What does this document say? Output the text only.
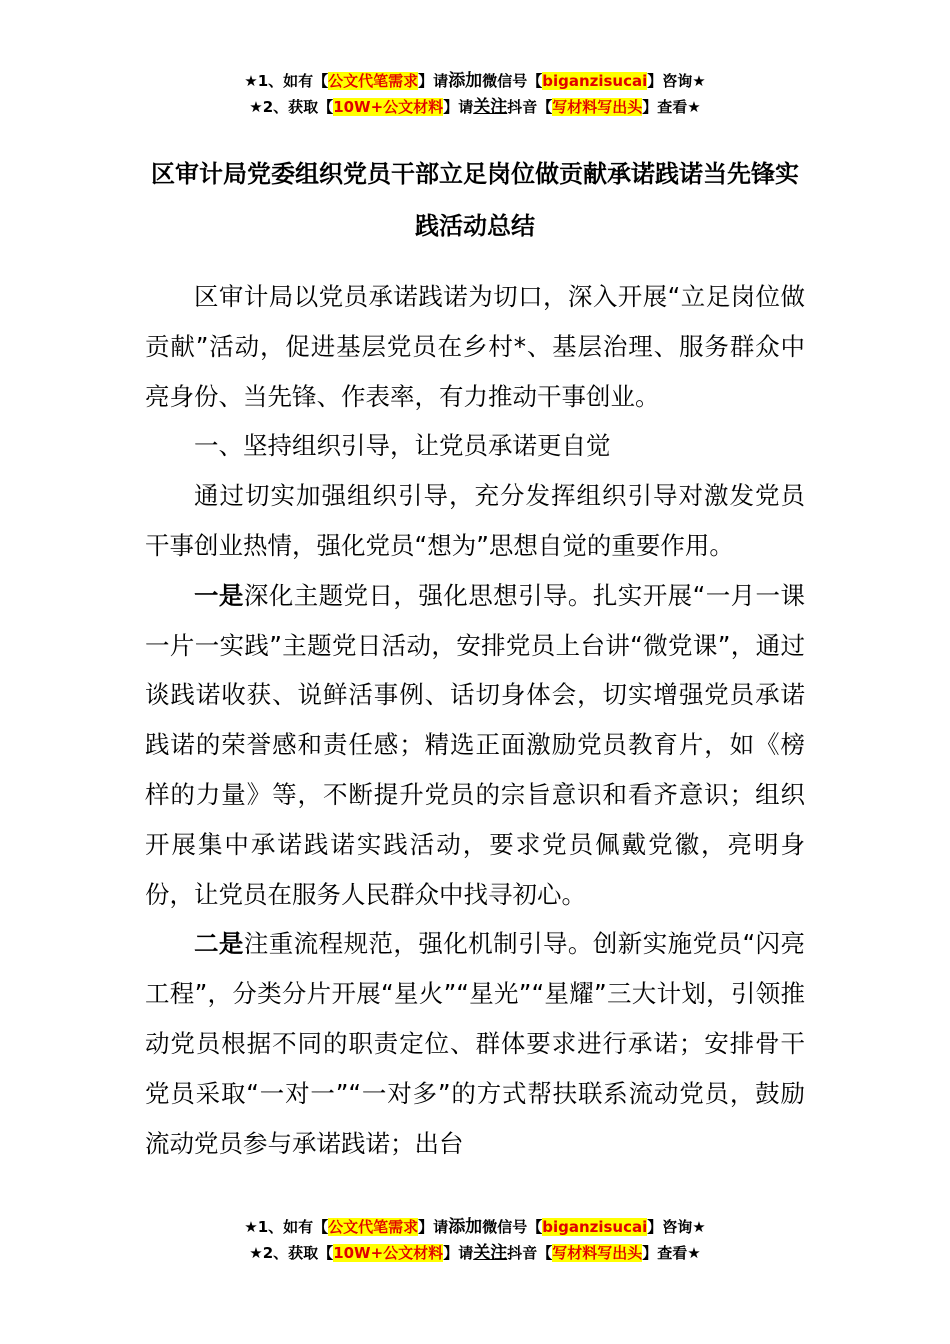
★1、如有【公文代笔需求】请添加微信号【biganzisucai】咨询★
★2、获取【10W+公文材料】请关注抖音【写材料写出头】查看★
区审计局党委组织党员干部立足岗位做贡献承诺践诺当先锋实践活动总结

区审计局以党员承诺践诺为切口，深入开展“立足岗位做贡献”活动，促进基层党员在乡村*、基层治理、服务群众中亮身份、当先锋、作表率，有力推动干事创业。

一、坚持组织引导，让党员承诺更自觉

通过切实加强组织引导，充分发挥组织引导对激发党员干事创业热情，强化党员“想为”思想自觉的重要作用。

一是深化主题党日，强化思想引导。扎实开展“一月一课一片一实践”主题党日活动，安排党员上台讲“微党课”，通过谈践诺收获、说鲜活事例、话切身体会，切实增强党员承诺践诺的荣誉感和责任感；精选正面激励党员教育片，如《榜样的力量》等，不断提升党员的宗旨意识和看齐意识；组织开展集中承诺践诺实践活动，要求党员佩戴党徽，亮明身份，让党员在服务人民群众中找寻初心。

二是注重流程规范，强化机制引导。创新实施党员“闪亮工程”，分类分片开展“星火”“星光”“星耀”三大计划，引领推动党员根据不同的职责定位、群体要求进行承诺；安排骨干党员采取“一对一”“一对多”的方式帮扶联系流动党员，鼓励流动党员参与承诺践诺；出台

★1、如有【公文代笔需求】请添加微信号【biganzisucai】咨询★
★2、获取【10W+公文材料】请关注抖音【写材料写出头】查看★
